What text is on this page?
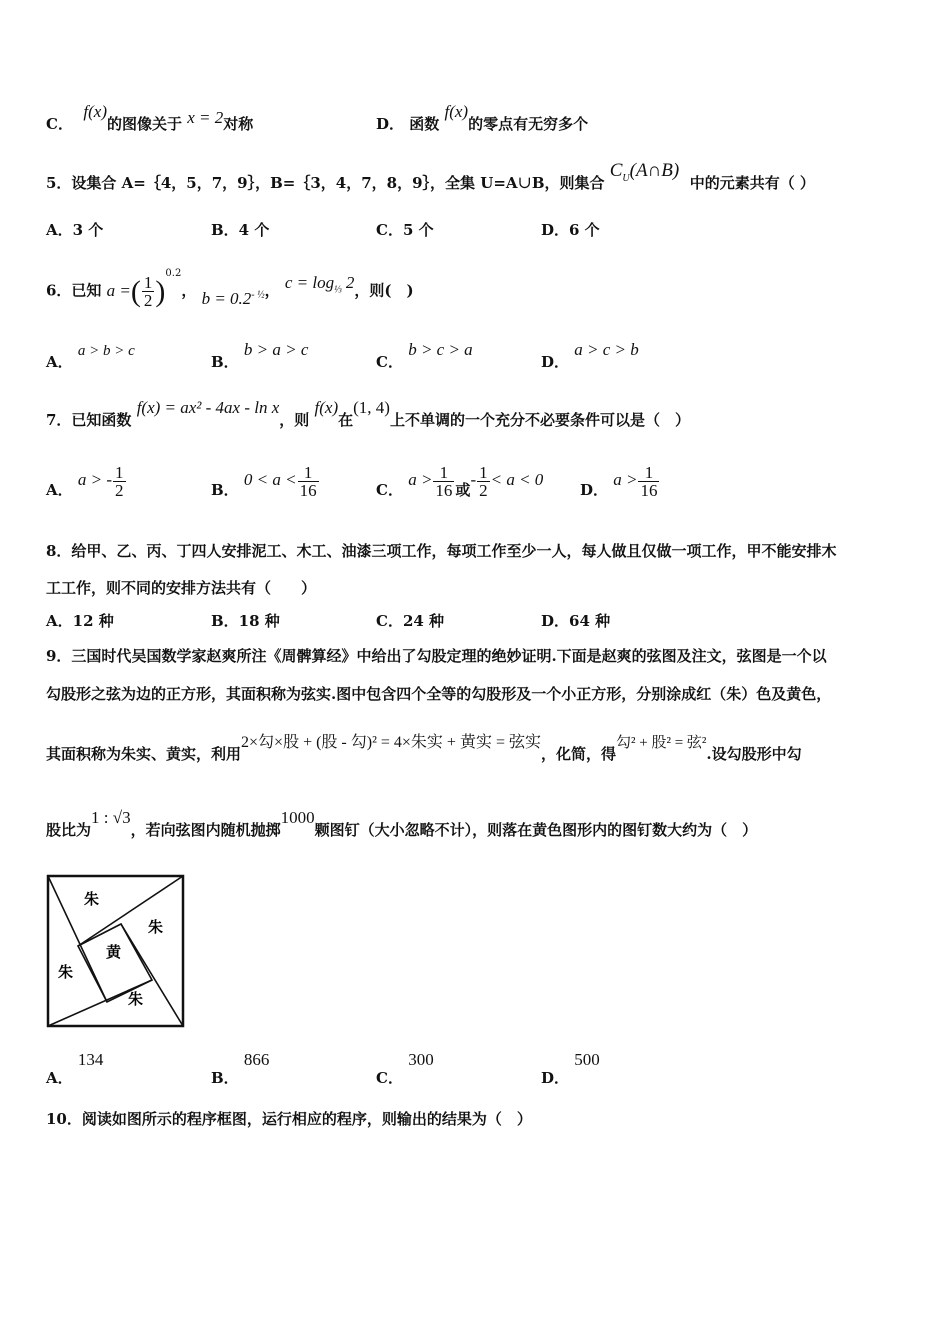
C．  f(x)的图像关于 x = 2对称	D． 函数 f(x)的零点有无穷多个
5．设集合 A=｛4，5，7，9｝，B=｛3，4，7，8，9｝，全集 U=A∪B，则集合 $C_U(A\cap B)$  中的元素共有（ ）
A．3 个	B．4 个	C．5 个	D．6 个
6．已知 a =( $\frac{1}{2} )^{0.2}$， $b = 0.2^{- \frac{1}{2}}$， $c = \log_{\frac{1}{3}} 2$，则(　)
A． a > b > c
B． b > a > c
C． b > c > a
D． a > c > b
7．已知函数 f(x) = ax² - 4ax - ln x，则 f(x)在(1, 4)上不单调的一个充分不必要条件可以是（　）
A． a > - $\frac{1}{2}$	B． $0 < a < \frac{1}{16}$	C． $a > \frac{1}{16}$ 或- $\frac{1}{2} < a < 0$
D． $a > \frac{1}{16}$
8．给甲、乙、丙、丁四人安排泥工、木工、油漆三项工作，每项工作至少一人，每人做且仅做一项工作，甲不能安排木
工工作，则不同的安排方法共有（　　）
A．12 种	B．18 种	C．24 种	D．64 种
9．三国时代吴国数学家赵爽所注《周髀算经》中给出了勾股定理的绝妙证明.下面是赵爽的弦图及注文，弦图是一个以
勾股形之弦为边的正方形，其面积称为弦实.图中包含四个全等的勾股形及一个小正方形，分别涂成红（朱）色及黄色，
其面积称为朱实、黄实，利用2×勾×股 + (股 - 勾)² = 4×朱实 + 黄实 = 弦实，化简，得勾² + 股² = 弦².设勾股形中勾
股比为1 : √3，若向弦图内随机抛掷1000颗图钉（大小忽略不计），则落在黄色图形内的图钉数大约为（　）
朱
朱
朱
朱
黄
A． 134
B． 866
C． 300
D． 500
10．阅读如图所示的程序框图，运行相应的程序，则输出的结果为（　）
